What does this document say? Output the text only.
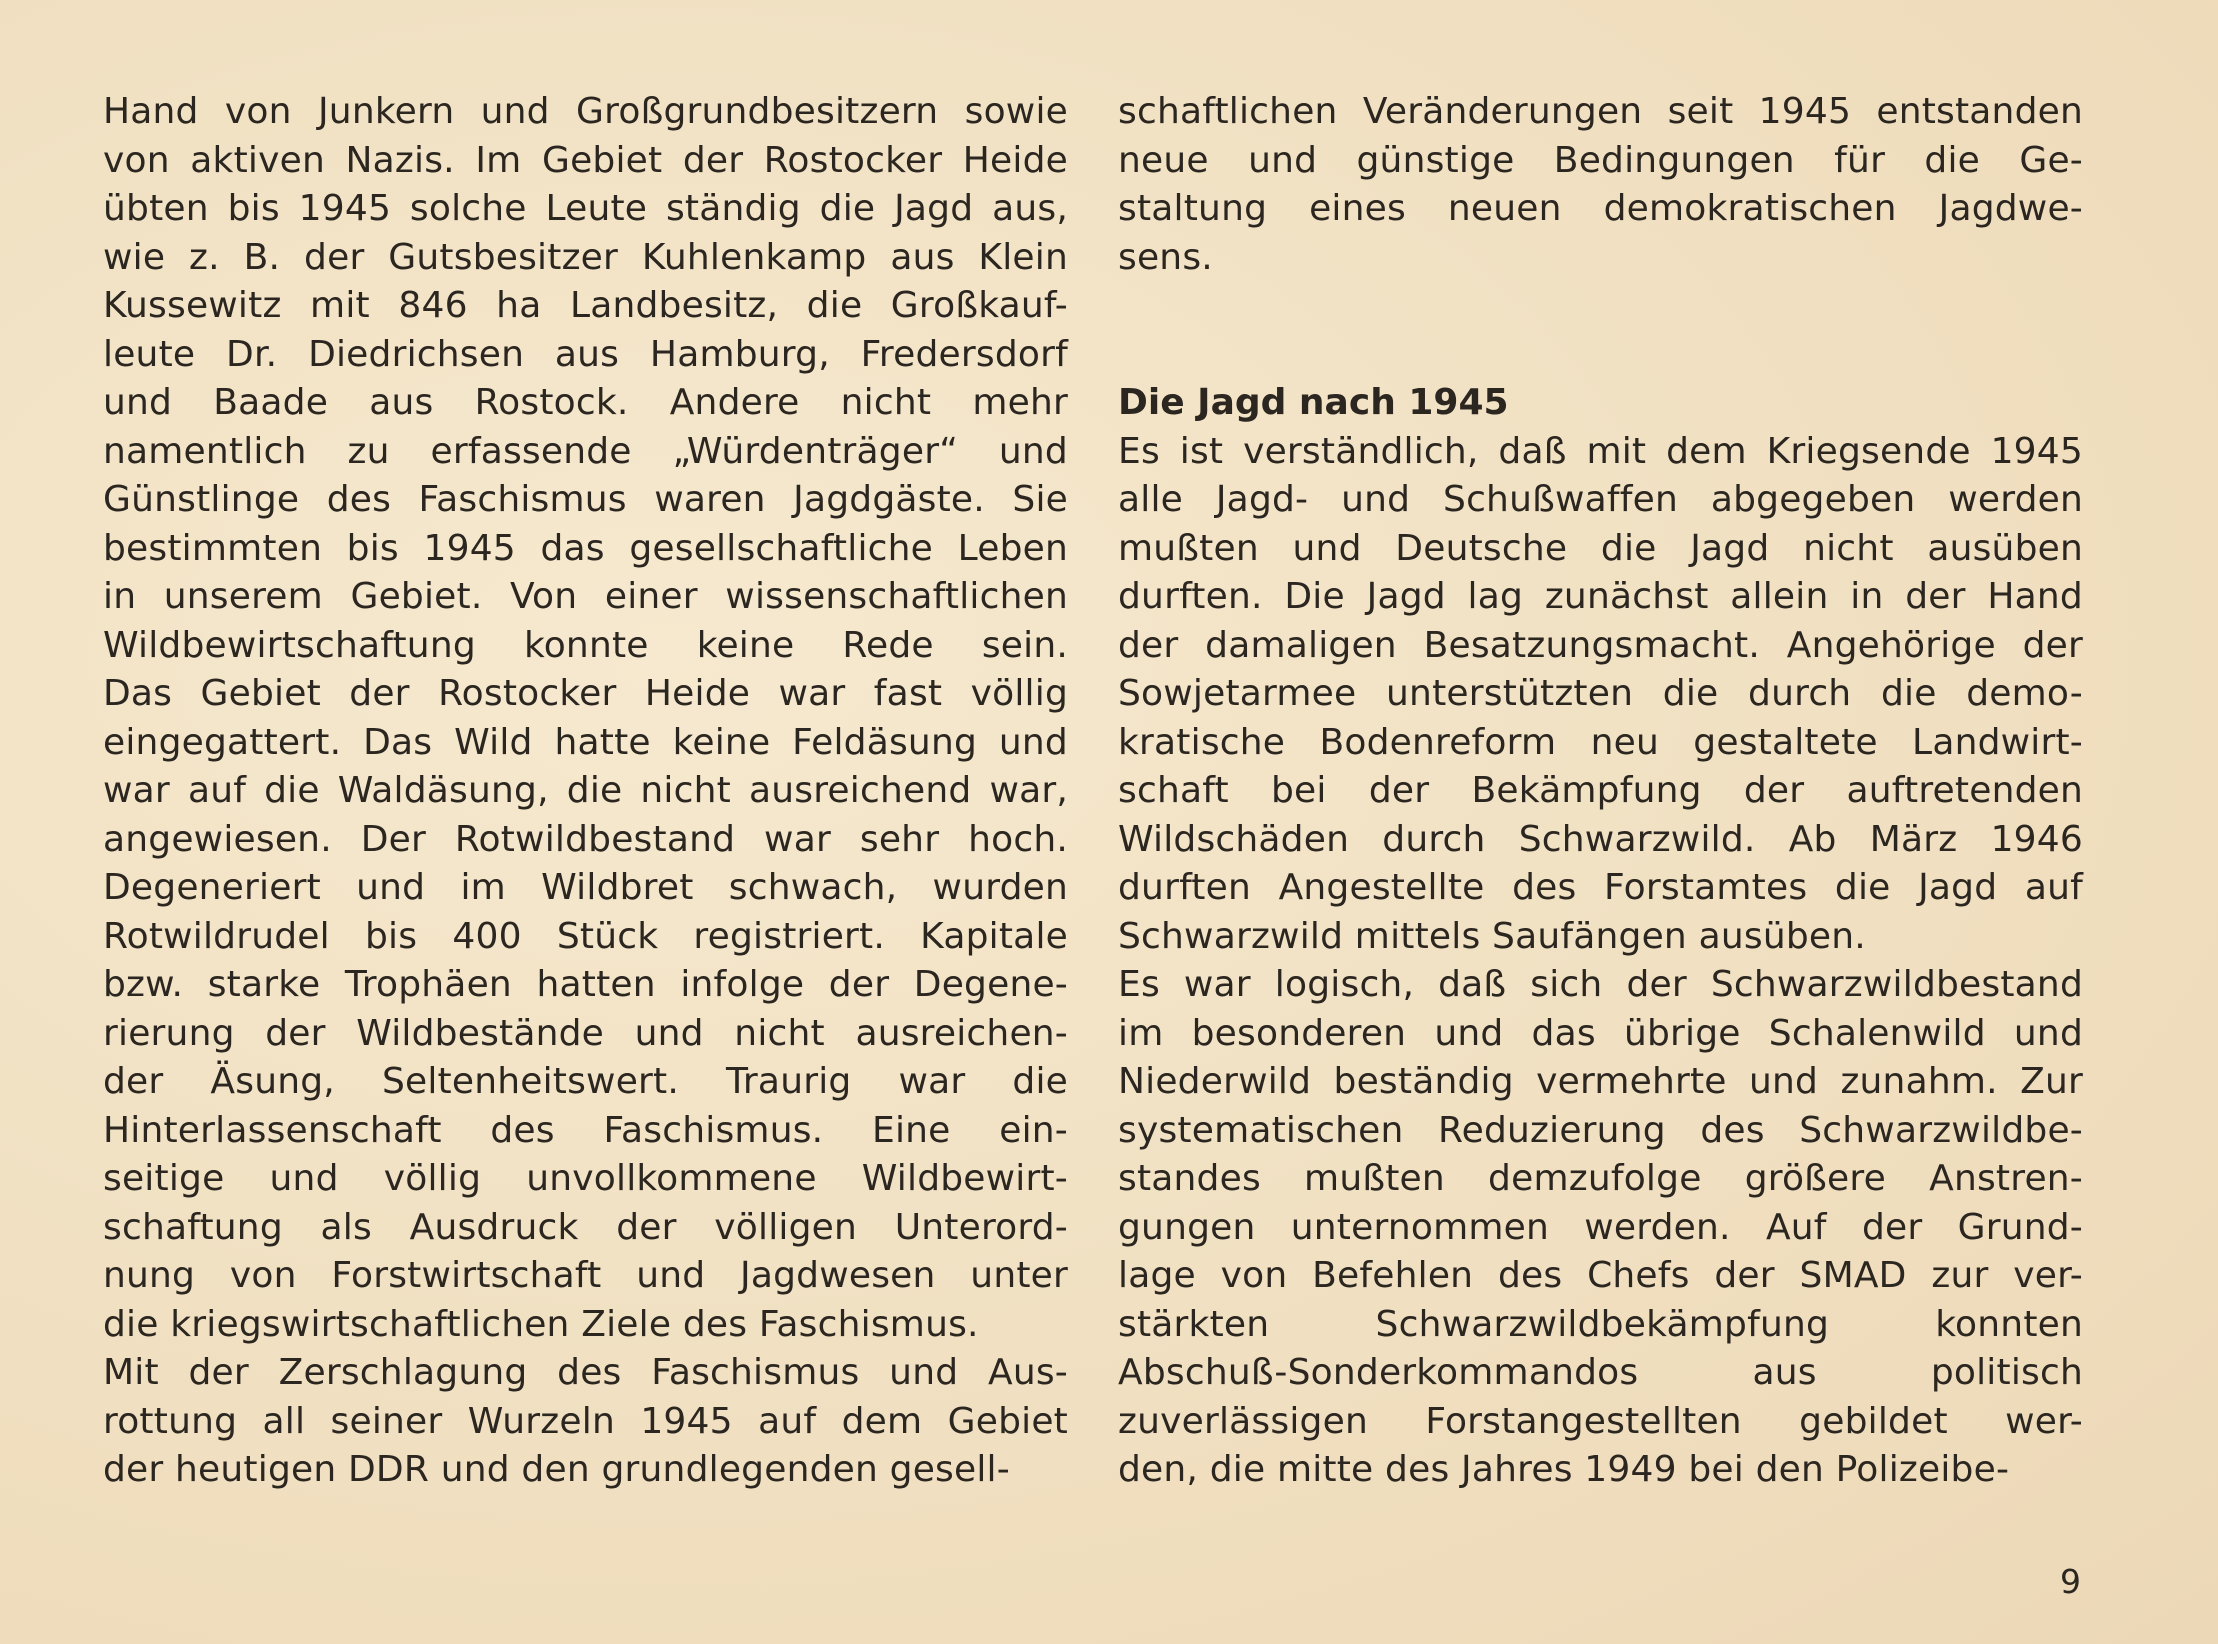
Hand von Junkern und Großgrundbesitzern sowie
von aktiven Nazis. Im Gebiet der Rostocker Heide
übten bis 1945 solche Leute ständig die Jagd aus,
wie z. B. der Gutsbesitzer Kuhlenkamp aus Klein
Kussewitz mit 846 ha Landbesitz, die Großkauf-
leute Dr. Diedrichsen aus Hamburg, Fredersdorf
und Baade aus Rostock. Andere nicht mehr
namentlich zu erfassende „Würdenträger“ und
Günstlinge des Faschismus waren Jagdgäste. Sie
bestimmten bis 1945 das gesellschaftliche Leben
in unserem Gebiet. Von einer wissenschaftlichen
Wildbewirtschaftung konnte keine Rede sein.
Das Gebiet der Rostocker Heide war fast völlig
eingegattert. Das Wild hatte keine Feldäsung und
war auf die Waldäsung, die nicht ausreichend war,
angewiesen. Der Rotwildbestand war sehr hoch.
Degeneriert und im Wildbret schwach, wurden
Rotwildrudel bis 400 Stück registriert. Kapitale
bzw. starke Trophäen hatten infolge der Degene-
rierung der Wildbestände und nicht ausreichen-
der Äsung, Seltenheitswert. Traurig war die
Hinterlassenschaft des Faschismus. Eine ein-
seitige und völlig unvollkommene Wildbewirt-
schaftung als Ausdruck der völligen Unterord-
nung von Forstwirtschaft und Jagdwesen unter
die kriegswirtschaftlichen Ziele des Faschismus.
Mit der Zerschlagung des Faschismus und Aus-
rottung all seiner Wurzeln 1945 auf dem Gebiet
der heutigen DDR und den grundlegenden gesell-
schaftlichen Veränderungen seit 1945 entstanden
neue und günstige Bedingungen für die Ge-
staltung eines neuen demokratischen Jagdwe-
sens.
Die Jagd nach 1945
Es ist verständlich, daß mit dem Kriegsende 1945
alle Jagd- und Schußwaffen abgegeben werden
mußten und Deutsche die Jagd nicht ausüben
durften. Die Jagd lag zunächst allein in der Hand
der damaligen Besatzungsmacht. Angehörige der
Sowjetarmee unterstützten die durch die demo-
kratische Bodenreform neu gestaltete Landwirt-
schaft bei der Bekämpfung der auftretenden
Wildschäden durch Schwarzwild. Ab März 1946
durften Angestellte des Forstamtes die Jagd auf
Schwarzwild mittels Saufängen ausüben.
Es war logisch, daß sich der Schwarzwildbestand
im besonderen und das übrige Schalenwild und
Niederwild beständig vermehrte und zunahm. Zur
systematischen Reduzierung des Schwarzwildbe-
standes mußten demzufolge größere Anstren-
gungen unternommen werden. Auf der Grund-
lage von Befehlen des Chefs der SMAD zur ver-
stärkten Schwarzwildbekämpfung konnten
Abschuß-Sonderkommandos aus politisch
zuverlässigen Forstangestellten gebildet wer-
den, die mitte des Jahres 1949 bei den Polizeibe-
9
